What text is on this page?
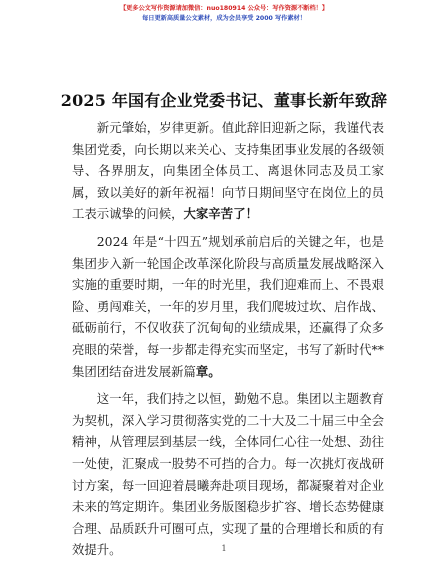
【更多公文写作资源请加微信：nuo180914 公众号：写作资源不断档！】
每日更新高质量公文素材，成为会员享受 2000 写作素材！
2025 年国有企业党委书记、董事长新年致辞

新元肇始，岁律更新。值此辞旧迎新之际，我谨代表集团党委，向长期以来关心、支持集团事业发展的各级领导、各界朋友，向集团全体员工、离退休同志及员工家属，致以美好的新年祝福！向节日期间坚守在岗位上的员工表示诚挚的问候，大家辛苦了！

2024 年是“十四五”规划承前启后的关键之年，也是集团步入新一轮国企改革深化阶段与高质量发展战略深入实施的重要时期，一年的时光里，我们迎难而上、不畏艰险、勇闯难关，一年的岁月里，我们爬坡过坎、启作战、砥砺前行，不仅收获了沉甸甸的业绩成果，还赢得了众多亮眼的荣誉，每一步都走得充实而坚定，书写了新时代**集团团结奋进发展新篇章。

这一年，我们持之以恒，勤勉不息。集团以主题教育为契机，深入学习贯彻落实党的二十大及二十届三中全会精神，从管理层到基层一线，全体同仁心往一处想、劲往一处使，汇聚成一股势不可挡的合力。每一次挑灯夜战研讨方案，每一回迎着晨曦奔赴项目现场，都凝聚着对企业未来的笃定期许。集团业务版图稳步扩容、增长态势健康合理、品质跃升可圈可点，实现了量的合理增长和质的有效提升。	1
